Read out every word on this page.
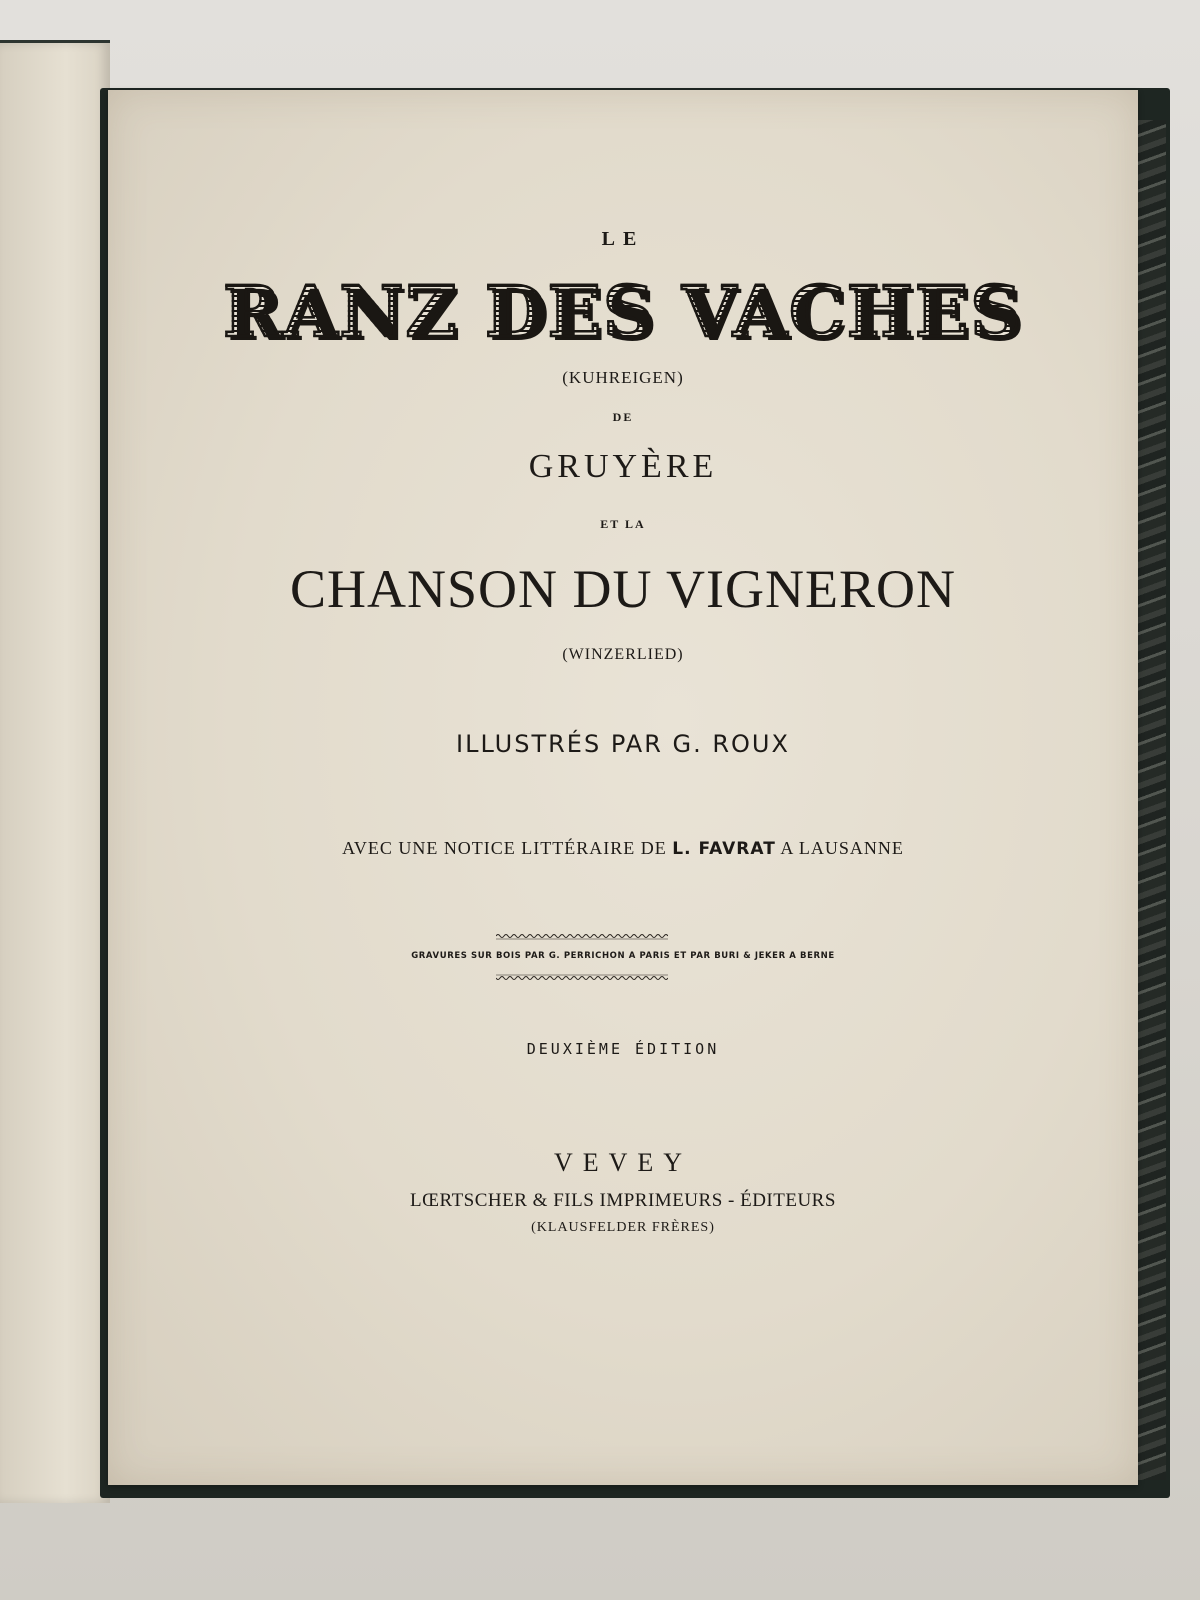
LE
RANZ DES VACHES
(KUHREIGEN)
DE
GRUYÈRE
ET LA
CHANSON DU VIGNERON
(WINZERLIED)
ILLUSTRÉS PAR G. ROUX
AVEC UNE NOTICE LITTÉRAIRE DE L. FAVRAT A LAUSANNE
GRAVURES SUR BOIS PAR G. PERRICHON A PARIS ET PAR BURI & JEKER A BERNE
DEUXIÈME ÉDITION
VEVEY
LŒRTSCHER & FILS IMPRIMEURS - ÉDITEURS
(KLAUSFELDER FRÈRES)
